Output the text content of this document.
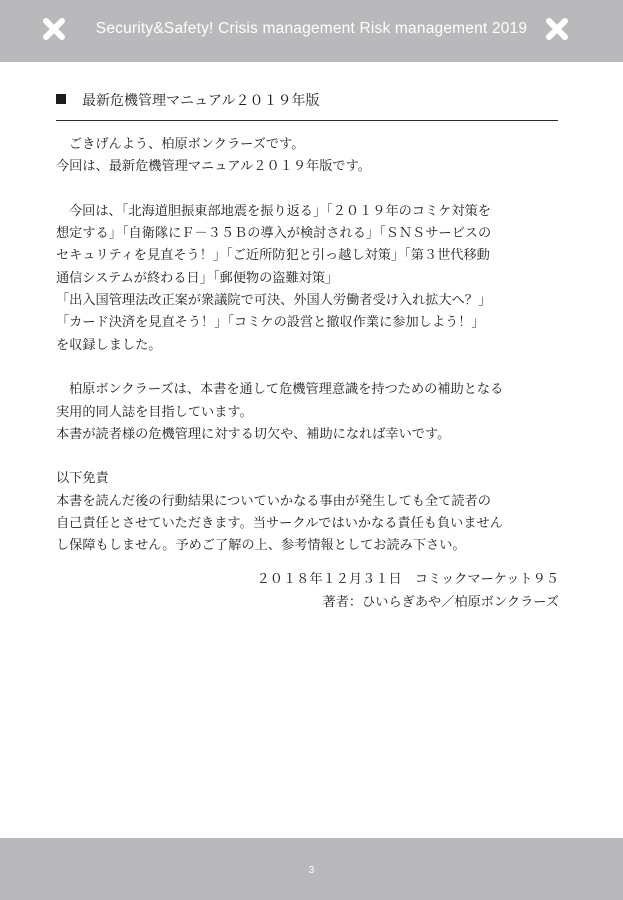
Security&Safety! Crisis management Risk management 2019
最新危機管理マニュアル２０１９年版
ごきげんよう、柏原ボンクラーズです。
今回は、最新危機管理マニュアル２０１９年版です。
今回は、「北海道胆振東部地震を振り返る」「２０１９年のコミケ対策を
想定する」「自衛隊にＦ－３５Ｂの導入が検討される」「ＳＮＳサービスの
セキュリティを見直そう！」「ご近所防犯と引っ越し対策」「第３世代移動
通信システムが終わる日」「郵便物の盗難対策」
「出入国管理法改正案が衆議院で可決、外国人労働者受け入れ拡大へ？」
「カード決済を見直そう！」「コミケの設営と撤収作業に参加しよう！」
を収録しました。
柏原ボンクラーズは、本書を通して危機管理意識を持つための補助となる
実用的同人誌を目指しています。
本書が読者様の危機管理に対する切欠や、補助になれば幸いです。
以下免責
本書を読んだ後の行動結果についていかなる事由が発生しても全て読者の
自己責任とさせていただきます。当サークルではいかなる責任も負いません
し保障もしません。予めご了解の上、参考情報としてお読み下さい。
２０１８年１２月３１日　コミックマーケット９５
著者：ひいらぎあや／柏原ボンクラーズ
3
